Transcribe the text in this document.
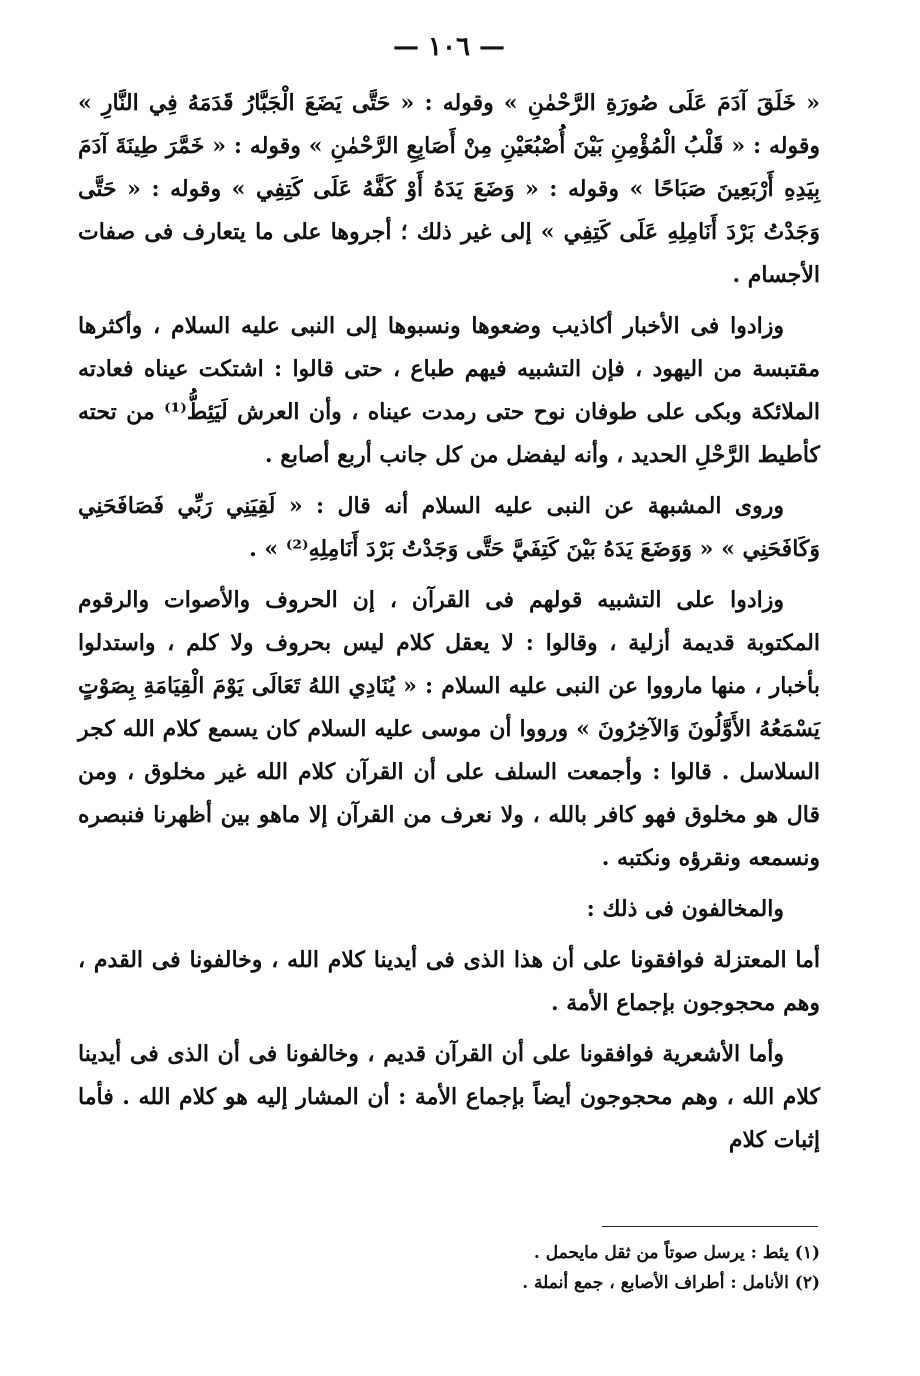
— ١٠٦ —

« خَلَقَ آدَمَ عَلَى صُورَةِ الرَّحْمٰنِ » وقوله : « حَتَّى يَضَعَ الْجَبَّارُ قَدَمَهُ فِي النَّارِ » وقوله : « قَلْبُ الْمُؤْمِنِ بَيْنَ أُصْبُعَيْنِ مِنْ أَصَابِعِ الرَّحْمٰنِ » وقوله : « خَمَّرَ طِينَةَ آدَمَ بِيَدِهِ أَرْبَعِينَ صَبَاحًا » وقوله : « وَضَعَ يَدَهُ أَوْ كَفَّهُ عَلَى كَتِفِي » وقوله : « حَتَّى وَجَدْتُ بَرْدَ أَنَامِلِهِ عَلَى كَتِفِي » إلى غير ذلك ؛ أجروها على ما يتعارف فى صفات الأجسام .

وزادوا فى الأخبار أكاذيب وضعوها ونسبوها إلى النبى عليه السلام ، وأكثرها مقتبسة من اليهود ، فإن التشبيه فيهم طباع ، حتى قالوا : اشتكت عيناه فعادته الملائكة وبكى على طوفان نوح حتى رمدت عيناه ، وأن العرش لَيَئِطُّ⁽¹⁾ من تحته كأطيط الرَّحْلِ الحديد ، وأنه ليفضل من كل جانب أربع أصابع .

وروى المشبهة عن النبى عليه السلام أنه قال : « لَقِيَنِي رَبِّي فَصَافَحَنِي وَكَافَحَنِي » « وَوَضَعَ يَدَهُ بَيْنَ كَتِفَيَّ حَتَّى وَجَدْتُ بَرْدَ أَنَامِلِهِ⁽²⁾ » .

وزادوا على التشبيه قولهم فى القرآن ، إن الحروف والأصوات والرقوم المكتوبة قديمة أزلية ، وقالوا : لا يعقل كلام ليس بحروف ولا كلم ، واستدلوا بأخبار ، منها مارووا عن النبى عليه السلام : « يُنَادِي اللهُ تَعَالَى يَوْمَ الْقِيَامَةِ بِصَوْتٍ يَسْمَعُهُ الأَوَّلُونَ وَالآخِرُونَ » ورووا أن موسى عليه السلام كان يسمع كلام الله كجر السلاسل . قالوا : وأجمعت السلف على أن القرآن كلام الله غير مخلوق ، ومن قال هو مخلوق فهو كافر بالله ، ولا نعرف من القرآن إلا ماهو بين أظهرنا فنبصره ونسمعه ونقرؤه ونكتبه .

والمخالفون فى ذلك :

أما المعتزلة فوافقونا على أن هذا الذى فى أيدينا كلام الله ، وخالفونا فى القدم ، وهم محجوجون بإجماع الأمة .

وأما الأشعرية فوافقونا على أن القرآن قديم ، وخالفونا فى أن الذى فى أيدينا كلام الله ، وهم محجوجون أيضاً بإجماع الأمة : أن المشار إليه هو كلام الله . فأما إثبات كلام

(١) يئط : يرسل صوتاً من ثقل مايحمل .

(٢) الأنامل : أطراف الأصابع ، جمع أنملة .
